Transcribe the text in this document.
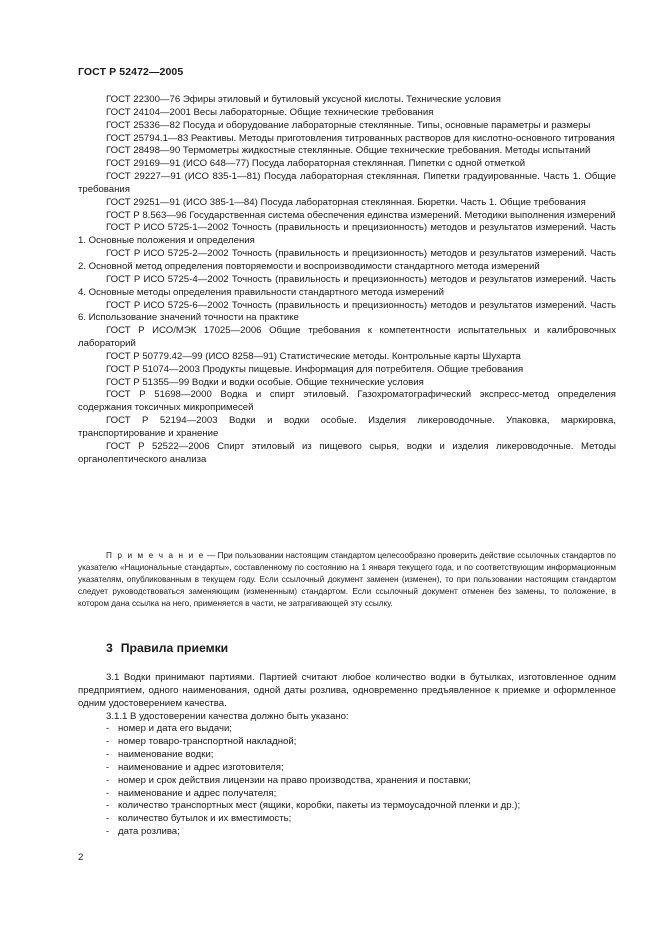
ГОСТ Р 52472—2005

ГОСТ 22300—76 Эфиры этиловый и бутиловый уксусной кислоты. Технические условия

ГОСТ 24104—2001 Весы лабораторные. Общие технические требования

ГОСТ 25336—82 Посуда и оборудование лабораторные стеклянные. Типы, основные параметры и размеры

ГОСТ 25794.1—83 Реактивы. Методы приготовления титрованных растворов для кислотно-основного титрования

ГОСТ 28498—90 Термометры жидкостные стеклянные. Общие технические требования. Методы испытаний

ГОСТ 29169—91 (ИСО 648—77) Посуда лабораторная стеклянная. Пипетки с одной отметкой

ГОСТ 29227—91 (ИСО 835-1—81) Посуда лабораторная стеклянная. Пипетки градуированные. Часть 1. Общие требования

ГОСТ 29251—91 (ИСО 385-1—84) Посуда лабораторная стеклянная. Бюретки. Часть 1. Общие требования

ГОСТ Р 8.563—96 Государственная система обеспечения единства измерений. Методики выполнения измерений

ГОСТ Р ИСО 5725-1—2002 Точность (правильность и прецизионность) методов и результатов измерений. Часть 1. Основные положения и определения

ГОСТ Р ИСО 5725-2—2002 Точность (правильность и прецизионность) методов и результатов измерений. Часть 2. Основной метод определения повторяемости и воспроизводимости стандартного метода измерений

ГОСТ Р ИСО 5725-4—2002 Точность (правильность и прецизионность) методов и результатов измерений. Часть 4. Основные методы определения правильности стандартного метода измерений

ГОСТ Р ИСО 5725-6—2002 Точность (правильность и прецизионность) методов и результатов измерений. Часть 6. Использование значений точности на практике

ГОСТ Р ИСО/МЭК 17025—2006 Общие требования к компетентности испытательных и калибровочных лабораторий

ГОСТ Р 50779.42—99 (ИСО 8258—91) Статистические методы. Контрольные карты Шухарта

ГОСТ Р 51074—2003 Продукты пищевые. Информация для потребителя. Общие требования

ГОСТ Р 51355—99 Водки и водки особые. Общие технические условия

ГОСТ Р 51698—2000 Водка и спирт этиловый. Газохроматографический экспресс-метод определения содержания токсичных микропримесей

ГОСТ Р 52194—2003 Водки и водки особые. Изделия ликероводочные. Упаковка, маркировка, транспортирование и хранение

ГОСТ Р 52522—2006 Спирт этиловый из пищевого сырья, водки и изделия ликероводочные. Методы органолептического анализа

П р и м е ч а н и е — При пользовании настоящим стандартом целесообразно проверить действие ссылочных стандартов по указателю «Национальные стандарты», составленному по состоянию на 1 января текущего года, и по соответствующим информационным указателям, опубликованным в текущем году. Если ссылочный документ заменен (изменен), то при пользовании настоящим стандартом следует руководствоваться заменяющим (измененным) стандартом. Если ссылочный документ отменен без замены, то положение, в котором дана ссылка на него, применяется в части, не затрагивающей эту ссылку.

3 Правила приемки

3.1 Водки принимают партиями. Партией считают любое количество водки в бутылках, изготовленное одним предприятием, одного наименования, одной даты розлива, одновременно предъявленное к приемке и оформленное одним удостоверением качества.

3.1.1 В удостоверении качества должно быть указано:

- номер и дата его выдачи;
- номер товаро-транспортной накладной;
- наименование водки;
- наименование и адрес изготовителя;
- номер и срок действия лицензии на право производства, хранения и поставки;
- наименование и адрес получателя;
- количество транспортных мест (ящики, коробки, пакеты из термоусадочной пленки и др.);
- количество бутылок и их вместимость;
- дата розлива;
2
